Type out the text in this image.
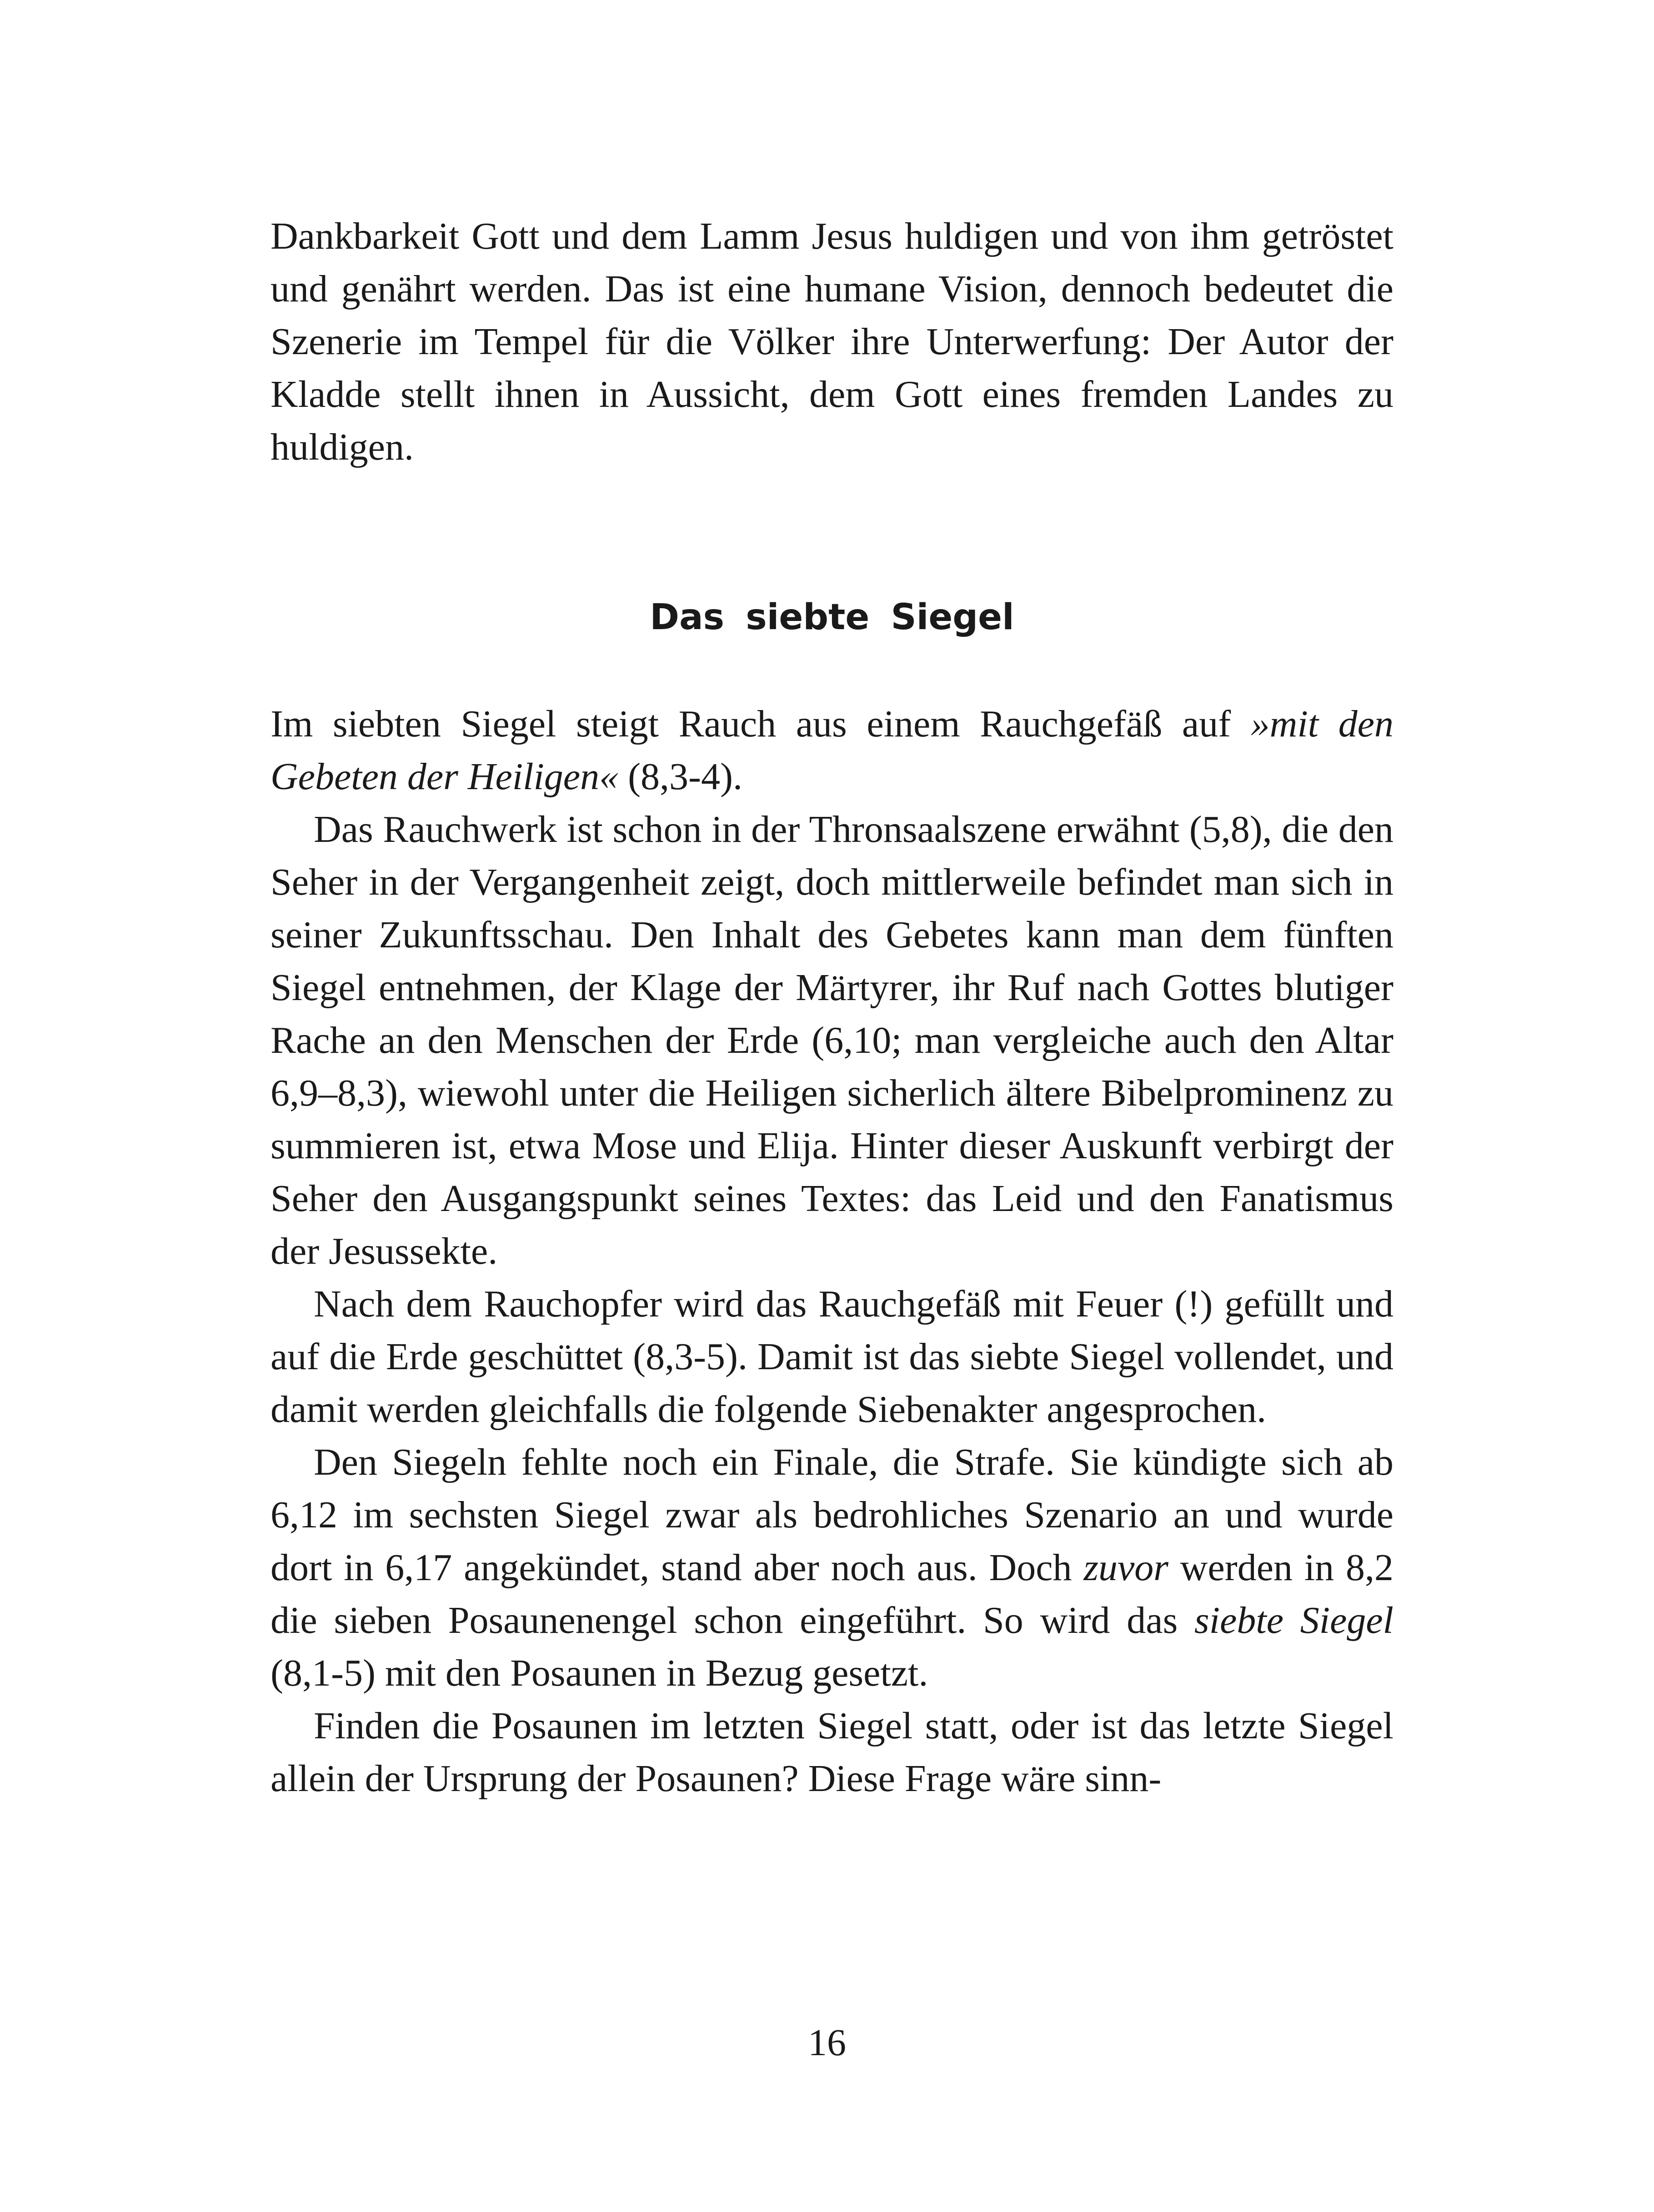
Dankbarkeit Gott und dem Lamm Jesus huldigen und von ihm getröstet und genährt werden. Das ist eine humane Vision, dennoch bedeutet die Szenerie im Tempel für die Völker ihre Unterwerfung: Der Autor der Kladde stellt ihnen in Aussicht, dem Gott eines fremden Landes zu huldigen.

Das siebte Siegel

Im siebten Siegel steigt Rauch aus einem Rauchgefäß auf »mit den Gebeten der Heiligen« (8,3-4).

Das Rauchwerk ist schon in der Thronsaalszene erwähnt (5,8), die den Seher in der Vergangenheit zeigt, doch mittlerweile befindet man sich in seiner Zukunftsschau. Den Inhalt des Gebetes kann man dem fünften Siegel entnehmen, der Klage der Märtyrer, ihr Ruf nach Gottes blutiger Rache an den Menschen der Erde (6,10; man vergleiche auch den Altar 6,9–8,3), wiewohl unter die Heiligen sicherlich ältere Bibelprominenz zu summieren ist, etwa Mose und Elija. Hinter dieser Auskunft verbirgt der Seher den Ausgangspunkt seines Textes: das Leid und den Fanatismus der Jesussekte.

Nach dem Rauchopfer wird das Rauchgefäß mit Feuer (!) gefüllt und auf die Erde geschüttet (8,3-5). Damit ist das siebte Siegel vollendet, und damit werden gleichfalls die folgende Siebenakter angesprochen.

Den Siegeln fehlte noch ein Finale, die Strafe. Sie kündigte sich ab 6,12 im sechsten Siegel zwar als bedrohliches Szenario an und wurde dort in 6,17 angekündet, stand aber noch aus. Doch zuvor werden in 8,2 die sieben Posaunenengel schon eingeführt. So wird das siebte Siegel (8,1-5) mit den Posaunen in Bezug gesetzt.

Finden die Posaunen im letzten Siegel statt, oder ist das letzte Siegel allein der Ursprung der Posaunen? Diese Frage wäre sinn-

16
